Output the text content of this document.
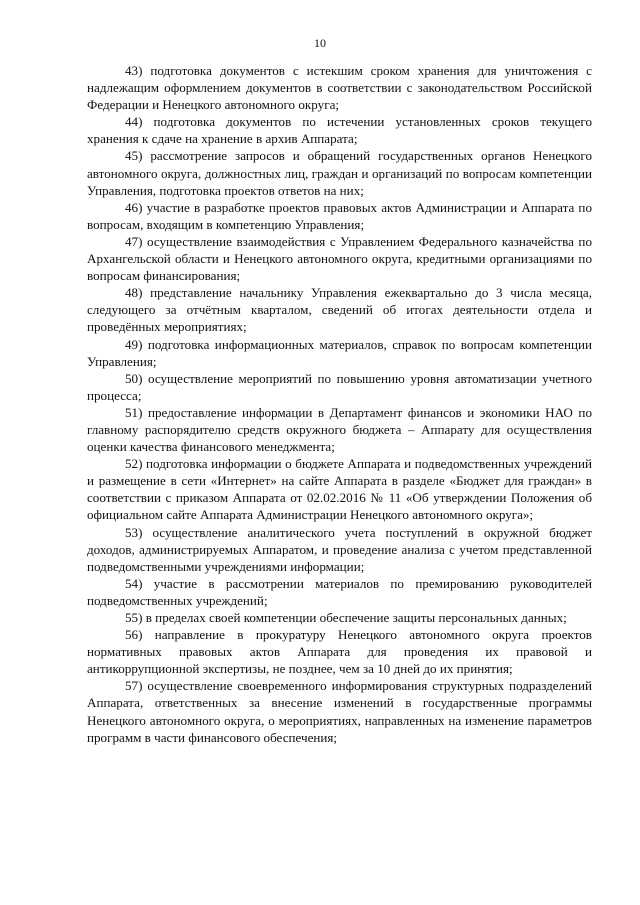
10

43) подготовка документов с истекшим сроком хранения для уничтожения с надлежащим оформлением документов в соответствии с законодательством Российской Федерации и Ненецкого автономного округа;

44) подготовка документов по истечении установленных сроков текущего хранения к сдаче на хранение в архив Аппарата;

45) рассмотрение запросов и обращений государственных органов Ненецкого автономного округа, должностных лиц, граждан и организаций по вопросам компетенции Управления, подготовка проектов ответов на них;

46) участие в разработке проектов правовых актов Администрации и Аппарата по вопросам, входящим в компетенцию Управления;

47) осуществление взаимодействия с Управлением Федерального казначейства по Архангельской области и Ненецкого автономного округа, кредитными организациями по вопросам финансирования;

48) представление начальнику Управления ежеквартально до 3 числа месяца, следующего за отчётным кварталом, сведений об итогах деятельности отдела и проведённых мероприятиях;

49) подготовка информационных материалов, справок по вопросам компетенции Управления;

50) осуществление мероприятий по повышению уровня автоматизации учетного процесса;

51) предоставление информации в Департамент финансов и экономики НАО по главному распорядителю средств окружного бюджета – Аппарату для осуществления оценки качества финансового менеджмента;

52) подготовка информации о бюджете Аппарата и подведомственных учреждений и размещение в сети «Интернет» на сайте Аппарата в разделе «Бюджет для граждан» в соответствии с приказом Аппарата от 02.02.2016 № 11 «Об утверждении Положения об официальном сайте Аппарата Администрации Ненецкого автономного округа»;

53) осуществление аналитического учета поступлений в окружной бюджет доходов, администрируемых Аппаратом, и проведение анализа с учетом представленной подведомственными учреждениями информации;

54) участие в рассмотрении материалов по премированию руководителей подведомственных учреждений;

55) в пределах своей компетенции обеспечение защиты персональных данных;

56) направление в прокуратуру Ненецкого автономного округа проектов нормативных правовых актов Аппарата для проведения их правовой и антикоррупционной экспертизы, не позднее, чем за 10 дней до их принятия;

57) осуществление своевременного информирования структурных подразделений Аппарата, ответственных за внесение изменений в государственные программы Ненецкого автономного округа, о мероприятиях, направленных на изменение параметров программ в части финансового обеспечения;
